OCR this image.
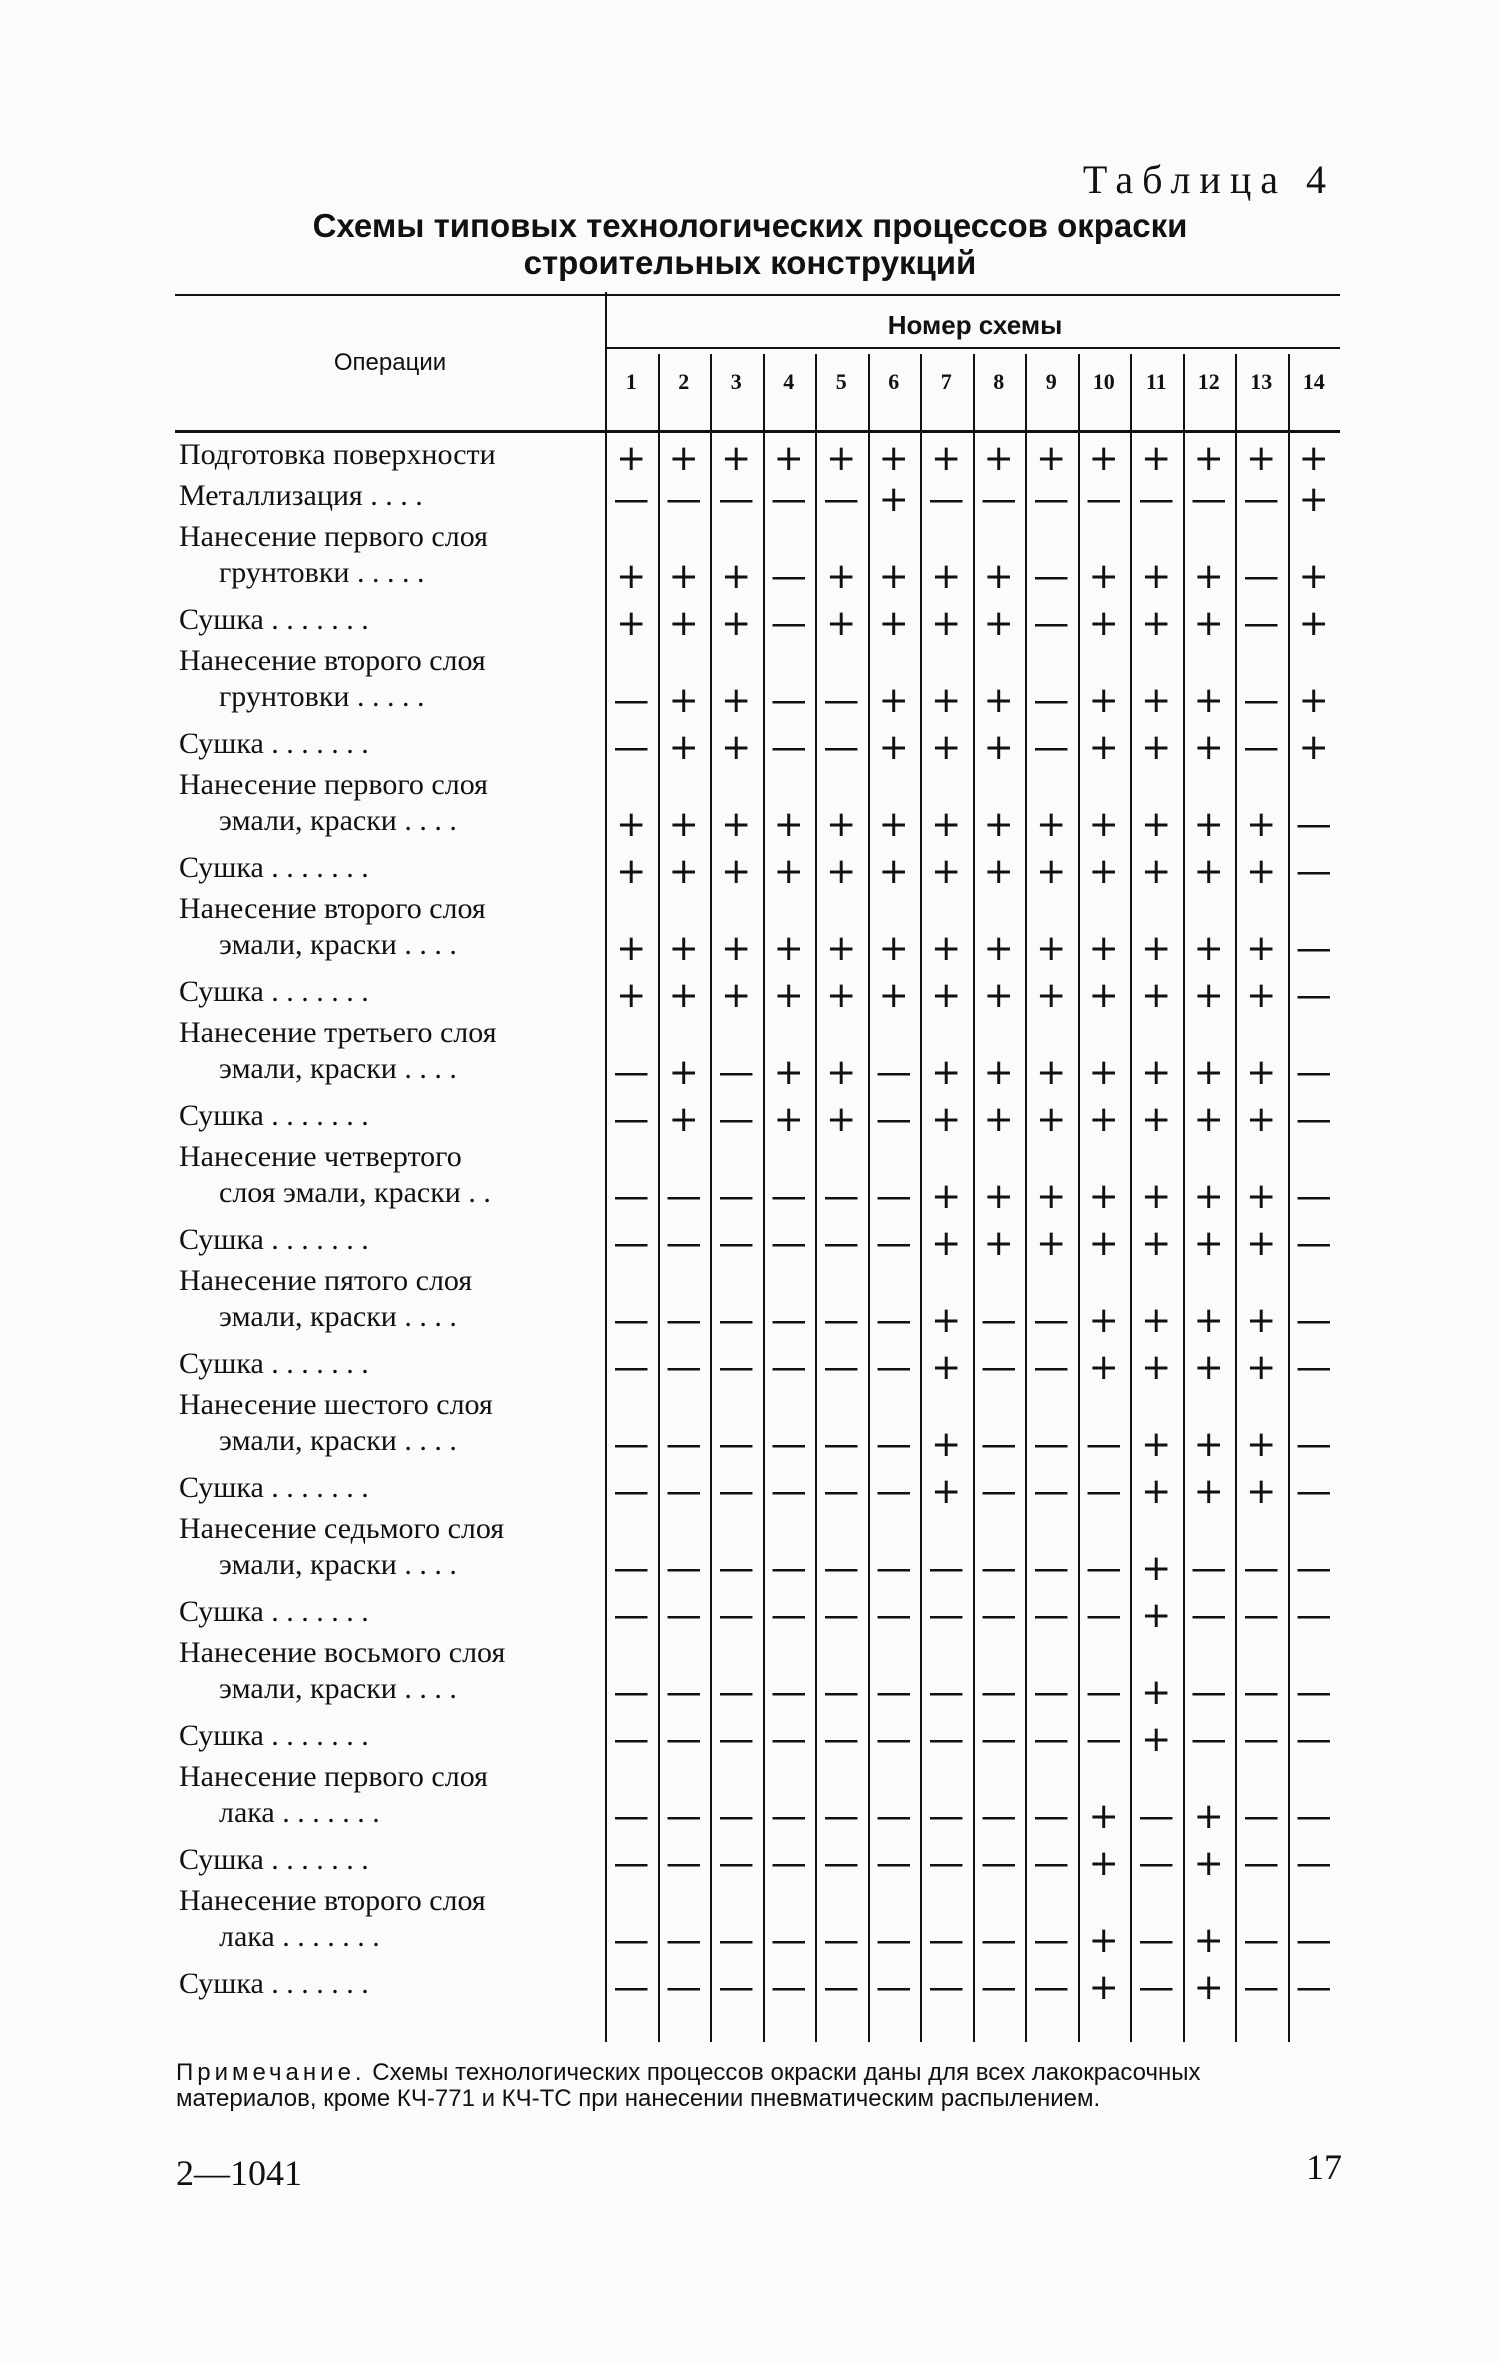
Таблица 4
Схемы типовых технологических процессов окраски
строительных конструкций
Операции
Номер схемы
1	2	3	4	5	6	7	8	9	10	11	12	13	14
Подготовка поверхности	+ + + + + + + + + + + + + +
Металлизация . . . .	— — — — — + — — — — — — — +
Нанесение первого слоя
грунтовки . . . . .	+ + + — + + + + — + + + — +
Сушка . . . . . . .	+ + + — + + + + — + + + — +
Нанесение второго слоя
грунтовки . . . . .	— + + — — + + + — + + + — +
Сушка . . . . . . .	— + + — — + + + — + + + — +
Нанесение первого слоя
эмали, краски . . . .	+ + + + + + + + + + + + + —
Сушка . . . . . . .	+ + + + + + + + + + + + + —
Нанесение второго слоя
эмали, краски . . . .	+ + + + + + + + + + + + + —
Сушка . . . . . . .	+ + + + + + + + + + + + + —
Нанесение третьего слоя
эмали, краски . . . .	— + — + + — + + + + + + + —
Сушка . . . . . . .	— + — + + — + + + + + + + —
Нанесение четвертого
слоя эмали, краски . .	— — — — — — + + + + + + + —
Сушка . . . . . . .	— — — — — — + + + + + + + —
Нанесение пятого слоя
эмали, краски . . . .	— — — — — — + — — + + + + —
Сушка . . . . . . .	— — — — — — + — — + + + + —
Нанесение шестого слоя
эмали, краски . . . .	— — — — — — + — — — + + + —
Сушка . . . . . . .	— — — — — — + — — — + + + —
Нанесение седьмого слоя
эмали, краски . . . .	— — — — — — — — — — + — — —
Сушка . . . . . . .	— — — — — — — — — — + — — —
Нанесение восьмого слоя
эмали, краски . . . .	— — — — — — — — — — + — — —
Сушка . . . . . . .	— — — — — — — — — — + — — —
Нанесение первого слоя
лака . . . . . . .	— — — — — — — — — + — + — —
Сушка . . . . . . .	— — — — — — — — — + — + — —
Нанесение второго слоя
лака . . . . . . .	— — — — — — — — — + — + — —
Сушка . . . . . . .	— — — — — — — — — + — + — —
Примечание. Схемы технологических процессов окраски даны для всех лакокрасочных материалов, кроме КЧ-771 и КЧ-ТС при нанесении пневматическим распылением.
2—1041	17
